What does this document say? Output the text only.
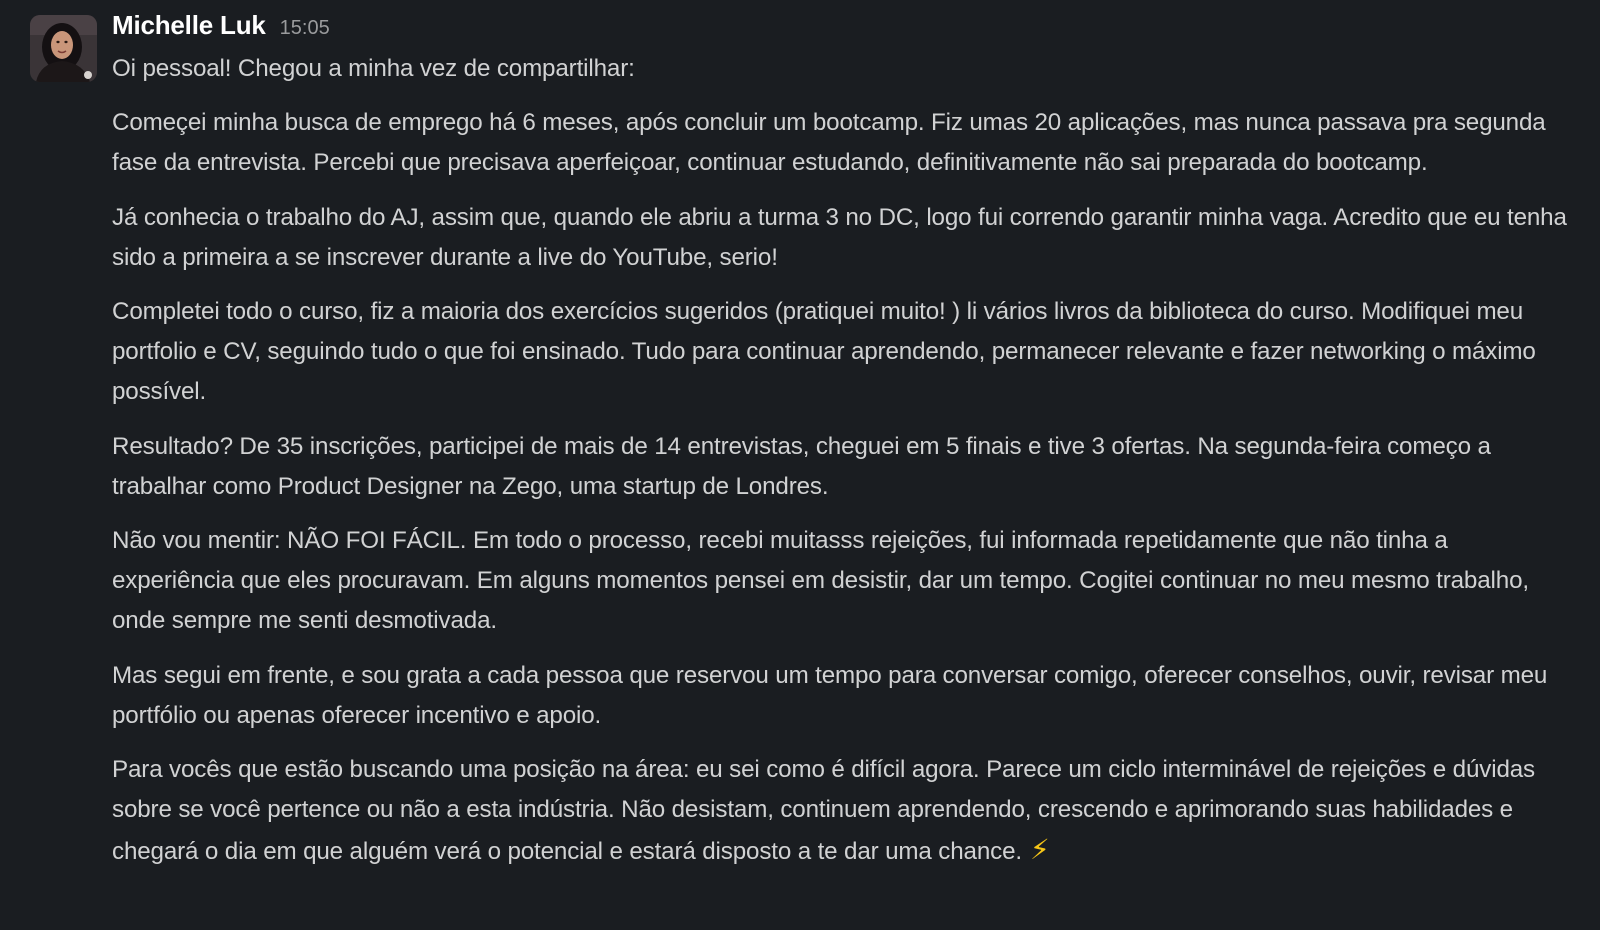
Michelle Luk 15:05
Oi pessoal! Chegou a minha vez de compartilhar:
Começei minha busca de emprego há 6 meses, após concluir um bootcamp. Fiz umas 20 aplicações, mas nunca passava pra segunda fase da entrevista. Percebi que precisava aperfeiçoar, continuar estudando, definitivamente não sai preparada do bootcamp.
Já conhecia o trabalho do AJ, assim que, quando ele abriu a turma 3 no DC, logo fui correndo garantir minha vaga. Acredito que eu tenha sido a primeira a se inscrever durante a live do YouTube, serio!
Completei todo o curso, fiz a maioria dos exercícios sugeridos (pratiquei muito! ) li vários livros da biblioteca do curso. Modifiquei meu portfolio e CV, seguindo tudo o que foi ensinado. Tudo para continuar aprendendo, permanecer relevante e fazer networking o máximo possível.
Resultado? De 35 inscrições, participei de mais de 14 entrevistas, cheguei em 5 finais e tive 3 ofertas. Na segunda-feira começo a trabalhar como Product Designer na Zego, uma startup de Londres.
Não vou mentir: NÃO FOI FÁCIL. Em todo o processo, recebi muitasss rejeições, fui informada repetidamente que não tinha a experiência que eles procuravam. Em alguns momentos pensei em desistir, dar um tempo. Cogitei continuar no meu mesmo trabalho, onde sempre me senti desmotivada.
Mas segui em frente, e sou grata a cada pessoa que reservou um tempo para conversar comigo, oferecer conselhos, ouvir, revisar meu portfólio ou apenas oferecer incentivo e apoio.
Para vocês que estão buscando uma posição na área: eu sei como é difícil agora. Parece um ciclo interminável de rejeições e dúvidas sobre se você pertence ou não a esta indústria. Não desistam, continuem aprendendo, crescendo e aprimorando suas habilidades e chegará o dia em que alguém verá o potencial e estará disposto a te dar uma chance. ⚡
